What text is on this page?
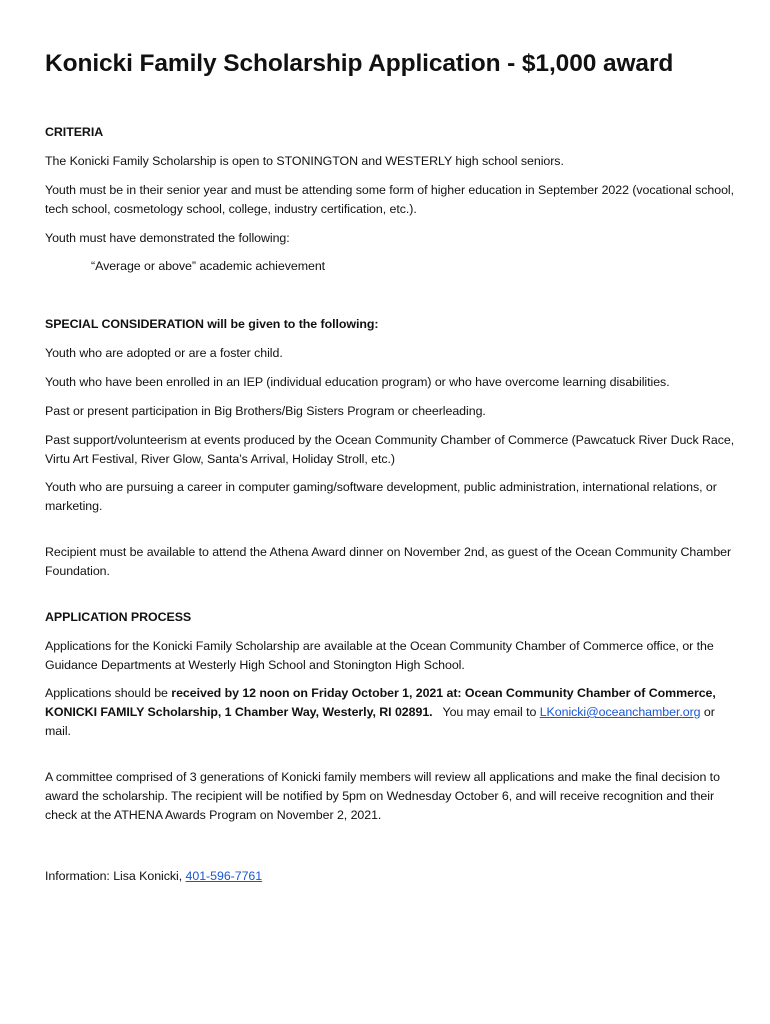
Konicki Family Scholarship Application - $1,000 award
CRITERIA
The Konicki Family Scholarship is open to STONINGTON and WESTERLY high school seniors.
Youth must be in their senior year and must be attending some form of higher education in September 2022 (vocational school, tech school, cosmetology school, college, industry certification, etc.).
Youth must have demonstrated the following:
“Average or above” academic achievement
SPECIAL CONSIDERATION will be given to the following:
Youth who are adopted or are a foster child.
Youth who have been enrolled in an IEP (individual education program) or who have overcome learning disabilities.
Past or present participation in Big Brothers/Big Sisters Program or cheerleading.
Past support/volunteerism at events produced by the Ocean Community Chamber of Commerce (Pawcatuck River Duck Race, Virtu Art Festival, River Glow, Santa’s Arrival, Holiday Stroll, etc.)
Youth who are pursuing a career in computer gaming/software development, public administration, international relations, or marketing.
Recipient must be available to attend the Athena Award dinner on November 2nd, as guest of the Ocean Community Chamber Foundation.
APPLICATION PROCESS
Applications for the Konicki Family Scholarship are available at the Ocean Community Chamber of Commerce office, or the Guidance Departments at Westerly High School and Stonington High School.
Applications should be received by 12 noon on Friday October 1, 2021 at: Ocean Community Chamber of Commerce, KONICKI FAMILY Scholarship, 1 Chamber Way, Westerly, RI 02891.   You may email to LKonicki@oceanchamber.org or mail.
A committee comprised of 3 generations of Konicki family members will review all applications and make the final decision to award the scholarship. The recipient will be notified by 5pm on Wednesday October 6, and will receive recognition and their check at the ATHENA Awards Program on November 2, 2021.
Information: Lisa Konicki, 401-596-7761
